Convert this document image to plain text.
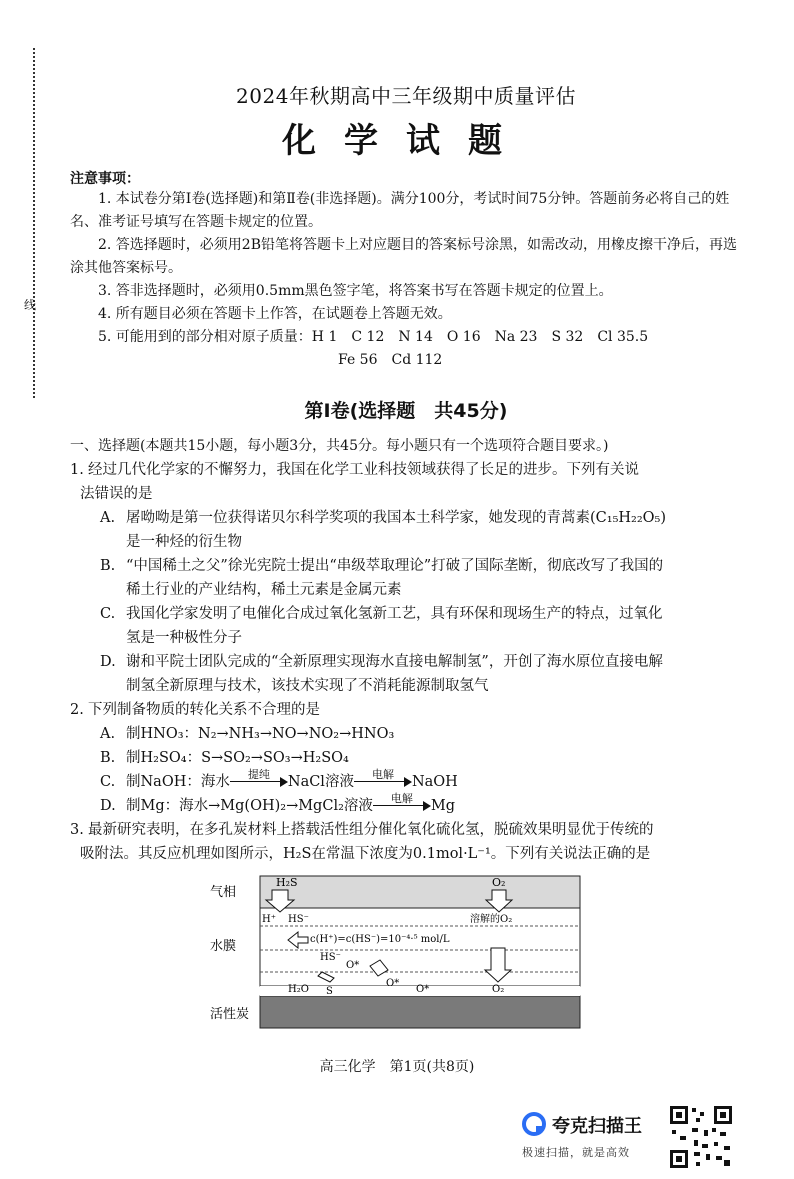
线
2024年秋期高中三年级期中质量评估
化学试题
注意事项：

1. 本试卷分第Ⅰ卷(选择题)和第Ⅱ卷(非选择题)。满分100分，考试时间75分钟。答题前务必将自己的姓名、准考证号填写在答题卡规定的位置。

2. 答选择题时，必须用2B铅笔将答题卡上对应题目的答案标号涂黑，如需改动，用橡皮擦干净后，再选涂其他答案标号。

3. 答非选择题时，必须用0.5mm黑色签字笔，将答案书写在答题卡规定的位置上。

4. 所有题目必须在答题卡上作答，在试题卷上答题无效。

5. 可能用到的部分相对原子质量：H 1　C 12　N 14　O 16　Na 23　S 32　Cl 35.5

Fe 56　Cd 112

第Ⅰ卷(选择题　共45分)
一、选择题(本题共15小题，每小题3分，共45分。每小题只有一个选项符合题目要求。)

1. 经过几代化学家的不懈努力，我国在化学工业科技领域获得了长足的进步。下列有关说

法错误的是

A. 屠呦呦是第一位获得诺贝尔科学奖项的我国本土科学家，她发现的青蒿素(C₁₅H₂₂O₅)

是一种烃的衍生物

B. “中国稀土之父”徐光宪院士提出“串级萃取理论”打破了国际垄断，彻底改写了我国的

稀土行业的产业结构，稀土元素是金属元素

C. 我国化学家发明了电催化合成过氧化氢新工艺，具有环保和现场生产的特点，过氧化

氢是一种极性分子

D. 谢和平院士团队完成的“全新原理实现海水直接电解制氢”，开创了海水原位直接电解

制氢全新原理与技术，该技术实现了不消耗能源制取氢气

2. 下列制备物质的转化关系不合理的是

A. 制HNO₃：N₂→NH₃→NO→NO₂→HNO₃

B. 制H₂SO₄：S→SO₂→SO₃→H₂SO₄

C. 制NaOH：海水	提纯	NaCl溶液	电解	NaOH

D. 制Mg：海水→Mg(OH)₂→MgCl₂溶液	电解	Mg

3. 最新研究表明，在多孔炭材料上搭载活性组分催化氧化硫化氢，脱硫效果明显优于传统的

吸附法。其反应机理如图所示，H₂S在常温下浓度为0.1mol·L⁻¹。下列有关说法正确的是

气相
水膜
活性炭
H₂S	O₂
H⁺ HS⁻	溶解的O₂
c(H⁺)=c(HS⁻)=10⁻⁴·⁵ mol/L
HS⁻
O*
O*
O*
H₂O S	O₂
高三化学　第1页(共8页)
夸克扫描王
极速扫描，就是高效
